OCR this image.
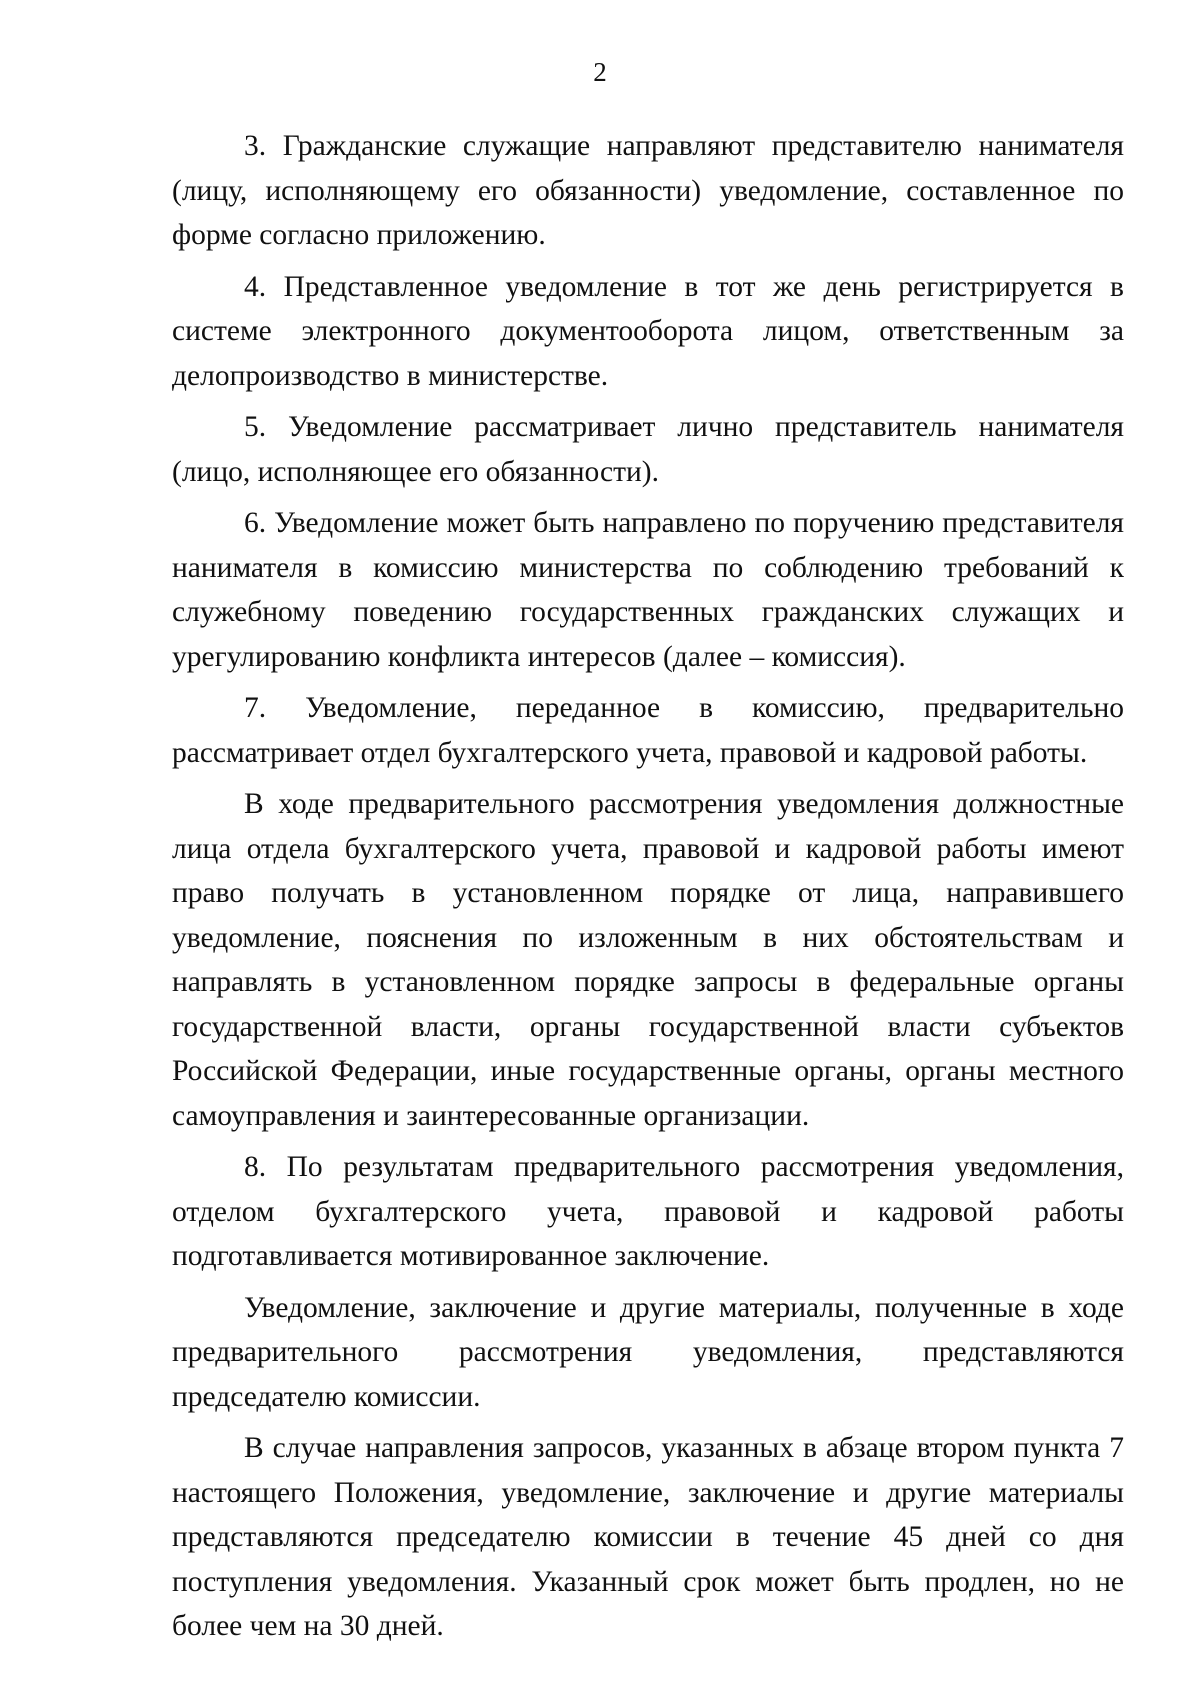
2

3. Гражданские служащие направляют представителю нанимателя (лицу, исполняющему его обязанности) уведомление, составленное по форме согласно приложению.

4. Представленное уведомление в тот же день регистрируется в системе электронного документооборота лицом, ответственным за делопроизводство в министерстве.

5. Уведомление рассматривает лично представитель нанимателя (лицо, исполняющее его обязанности).

6. Уведомление может быть направлено по поручению представителя нанимателя в комиссию министерства по соблюдению требований к служебному поведению государственных гражданских служащих и урегулированию конфликта интересов (далее – комиссия).

7. Уведомление, переданное в комиссию, предварительно рассматривает отдел бухгалтерского учета, правовой и кадровой работы.

В ходе предварительного рассмотрения уведомления должностные лица отдела бухгалтерского учета, правовой и кадровой работы имеют право получать в установленном порядке от лица, направившего уведомление, пояснения по изложенным в них обстоятельствам и направлять в установленном порядке запросы в федеральные органы государственной власти, органы государственной власти субъектов Российской Федерации, иные государственные органы, органы местного самоуправления и заинтересованные организации.

8. По результатам предварительного рассмотрения уведомления, отделом бухгалтерского учета, правовой и кадровой работы подготавливается мотивированное заключение.

Уведомление, заключение и другие материалы, полученные в ходе предварительного рассмотрения уведомления, представляются председателю комиссии.

В случае направления запросов, указанных в абзаце втором пункта 7 настоящего Положения, уведомление, заключение и другие материалы представляются председателю комиссии в течение 45 дней со дня поступления уведомления. Указанный срок может быть продлен, но не более чем на 30 дней.
